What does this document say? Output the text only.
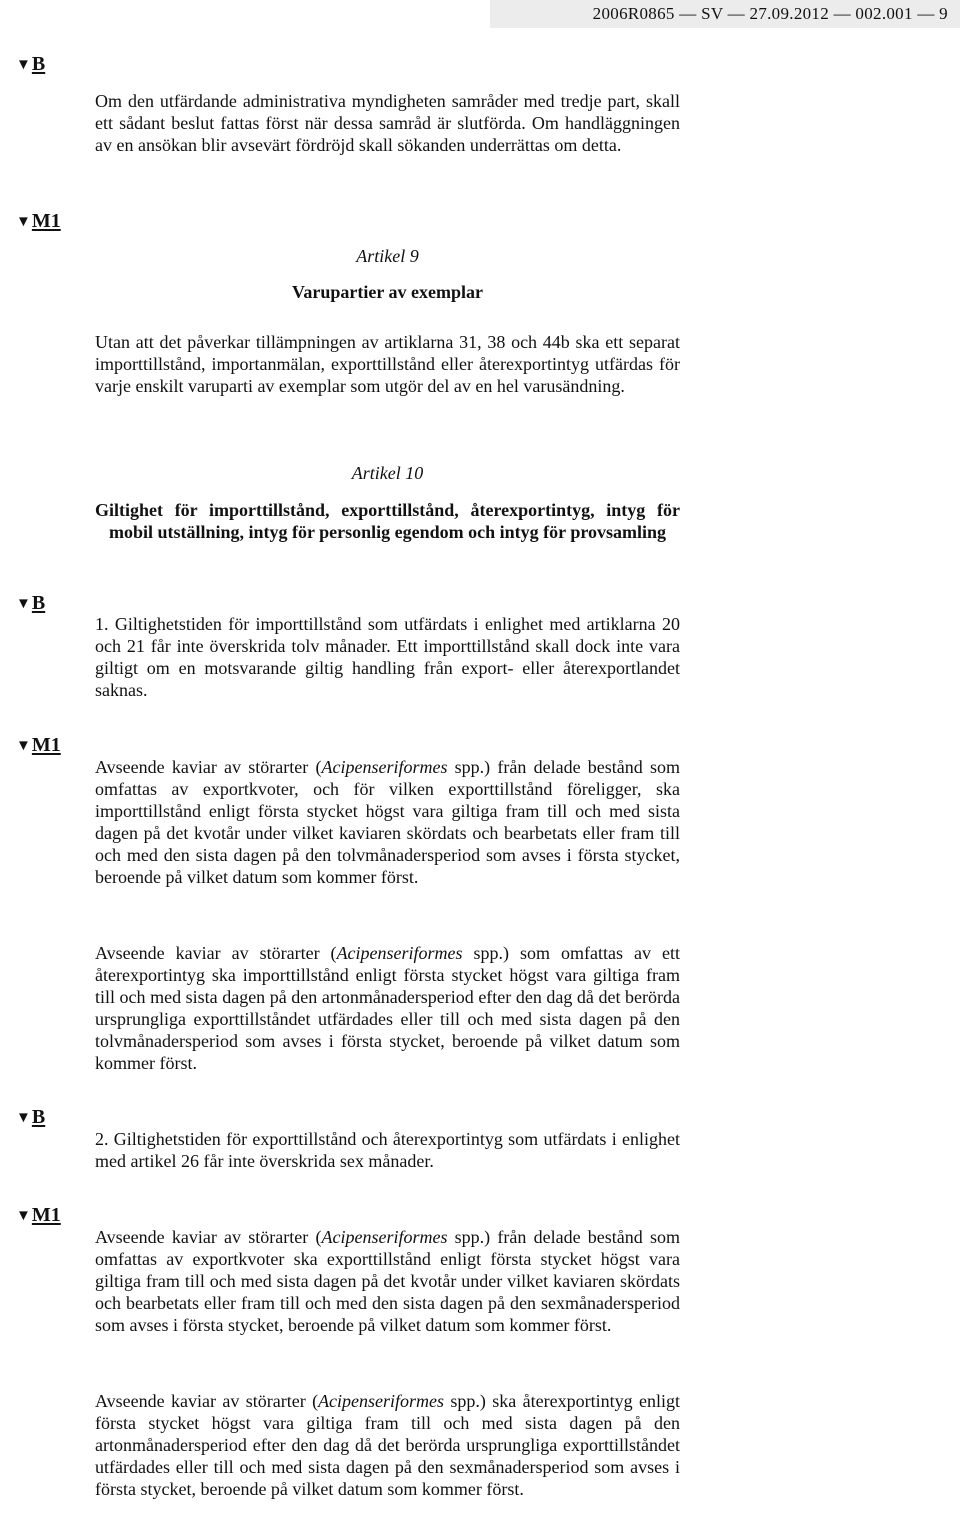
2006R0865 — SV — 27.09.2012 — 002.001 — 9
▼B

Om den utfärdande administrativa myndigheten samråder med tredje part, skall ett sådant beslut fattas först när dessa samråd är slutförda. Om handläggningen av en ansökan blir avsevärt fördröjd skall sökanden underrättas om detta.

▼M1

Artikel 9

Varupartier av exemplar

Utan att det påverkar tillämpningen av artiklarna 31, 38 och 44b ska ett separat importtillstånd, importanmälan, exporttillstånd eller återexportintyg utfärdas för varje enskilt varuparti av exemplar som utgör del av en hel varusändning.

Artikel 10

Giltighet för importtillstånd, exporttillstånd, återexportintyg, intyg för mobil utställning, intyg för personlig egendom och intyg för provsamling

▼B

1. Giltighetstiden för importtillstånd som utfärdats i enlighet med artiklarna 20 och 21 får inte överskrida tolv månader. Ett importtillstånd skall dock inte vara giltigt om en motsvarande giltig handling från export- eller återexportlandet saknas.

▼M1

Avseende kaviar av störarter (Acipenseriformes spp.) från delade bestånd som omfattas av exportkvoter, och för vilken exporttillstånd föreligger, ska importtillstånd enligt första stycket högst vara giltiga fram till och med sista dagen på det kvotår under vilket kaviaren skördats och bearbetats eller fram till och med den sista dagen på den tolvmånadersperiod som avses i första stycket, beroende på vilket datum som kommer först.

Avseende kaviar av störarter (Acipenseriformes spp.) som omfattas av ett återexportintyg ska importtillstånd enligt första stycket högst vara giltiga fram till och med sista dagen på den artonmånadersperiod efter den dag då det berörda ursprungliga exporttillståndet utfärdades eller till och med sista dagen på den tolvmånadersperiod som avses i första stycket, beroende på vilket datum som kommer först.

▼B

2. Giltighetstiden för exporttillstånd och återexportintyg som utfärdats i enlighet med artikel 26 får inte överskrida sex månader.

▼M1

Avseende kaviar av störarter (Acipenseriformes spp.) från delade bestånd som omfattas av exportkvoter ska exporttillstånd enligt första stycket högst vara giltiga fram till och med sista dagen på det kvotår under vilket kaviaren skördats och bearbetats eller fram till och med den sista dagen på den sexmånadersperiod som avses i första stycket, beroende på vilket datum som kommer först.

Avseende kaviar av störarter (Acipenseriformes spp.) ska återexportintyg enligt första stycket högst vara giltiga fram till och med sista dagen på den artonmånadersperiod efter den dag då det berörda ursprungliga exporttillståndet utfärdades eller till och med sista dagen på den sexmånadersperiod som avses i första stycket, beroende på vilket datum som kommer först.
